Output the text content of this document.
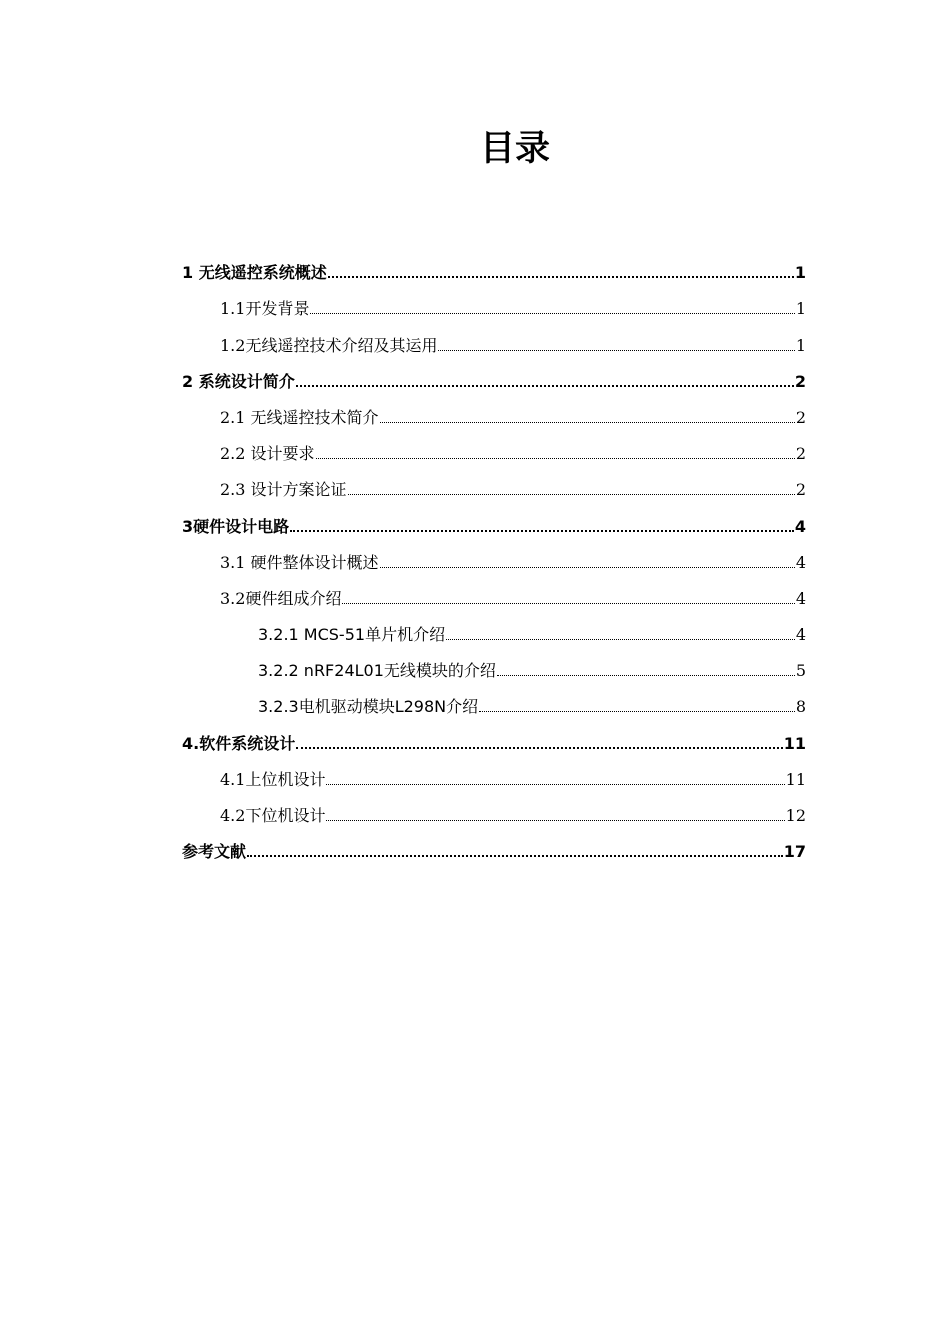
目录
1 无线遥控系统概述	1
1.1开发背景	1
1.2无线遥控技术介绍及其运用	1
2 系统设计简介	2
2.1 无线遥控技术简介	2
2.2 设计要求	2
2.3 设计方案论证	2
3硬件设计电路	4
3.1 硬件整体设计概述	4
3.2硬件组成介绍	4
3.2.1 MCS-51单片机介绍	4
3.2.2 nRF24L01无线模块的介绍	5
3.2.3电机驱动模块L298N介绍	8
4.软件系统设计	11
4.1上位机设计	11
4.2下位机设计	12
参考文献	17
